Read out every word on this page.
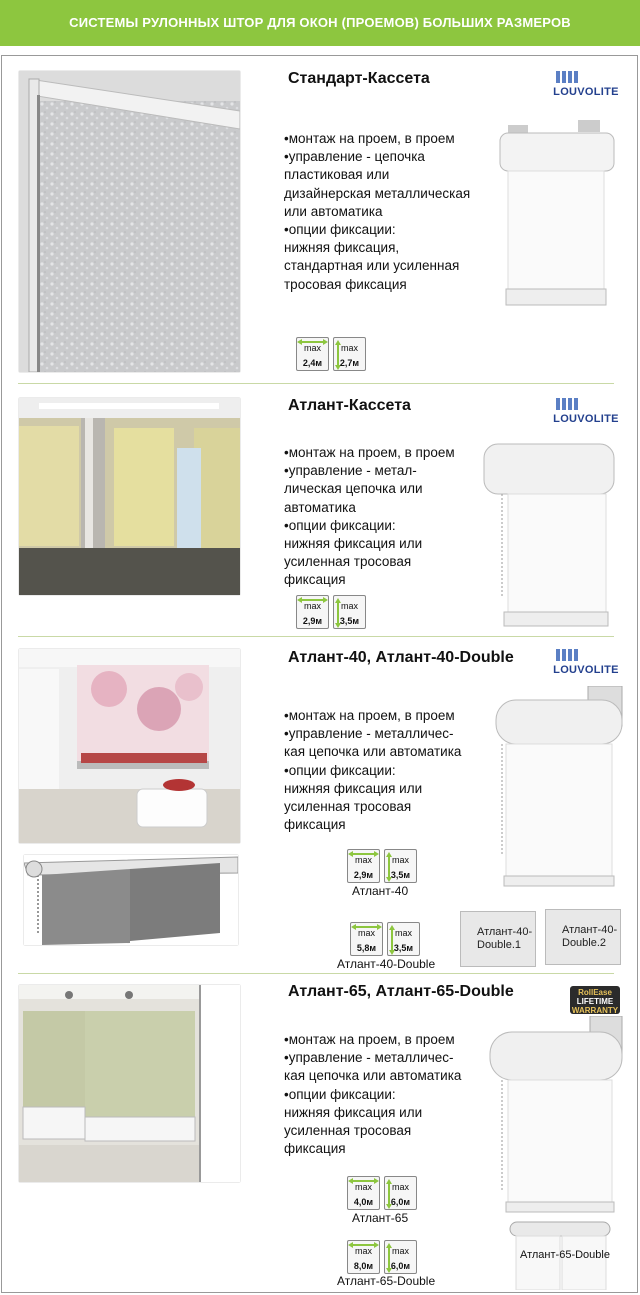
СИСТЕМЫ РУЛОННЫХ ШТОР ДЛЯ ОКОН (ПРОЕМОВ) БОЛЬШИХ РАЗМЕРОВ
Стандарт-Кассета
LOUVOLITE
•монтаж на проем, в проем
•управление - цепочка
пластиковая или
дизайнерская металлическая
или автоматика
•опции фиксации:
нижняя фиксация,
стандартная или усиленная
тросовая фиксация
max
2,4м
max
2,7м
Атлант-Кассета
LOUVOLITE
•монтаж на проем, в проем
•управление - метал-
лическая цепочка или
автоматика
•опции фиксации:
нижняя фиксация или
усиленная тросовая
фиксация
max
2,9м
max
3,5м
Атлант-40, Атлант-40-Double
LOUVOLITE
•монтаж на проем, в проем
•управление - металличес-
кая цепочка или автоматика
•опции фиксации:
нижняя фиксация или
усиленная тросовая
фиксация
max
2,9м
max
3,5м
Атлант-40
max
5,8м
max
3,5м
Атлант-40-Double
Атлант-40-
Double.1
Атлант-40-
Double.2
Атлант-65, Атлант-65-Double	RollEase
LIFETIME
WARRANTY
•монтаж на проем, в проем
•управление - металличес-
кая цепочка или автоматика
•опции фиксации:
нижняя фиксация или
усиленная тросовая
фиксация
Атлант-65-Double
max
4,0м
max
6,0м
Атлант-65
max
8,0м
max
6,0м
Атлант-65-Double
